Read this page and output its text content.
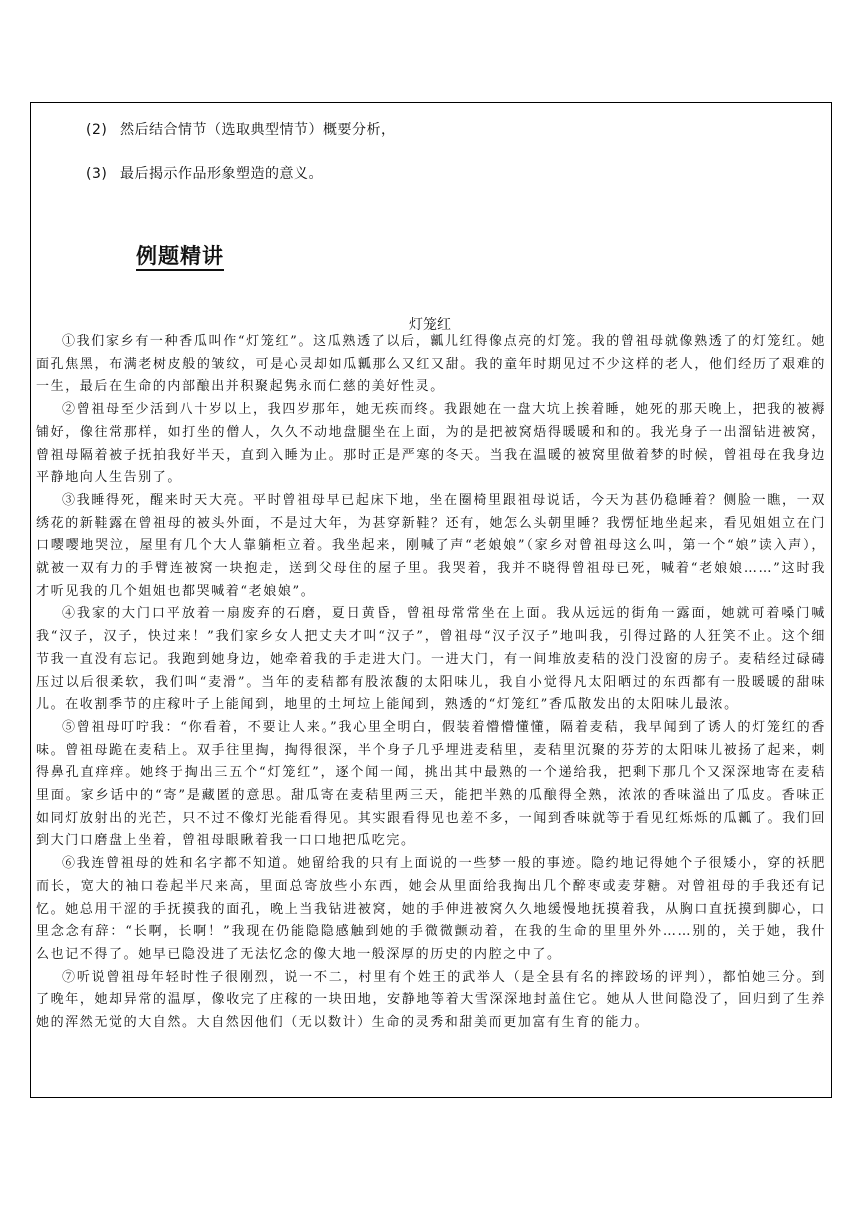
(2) 然后结合情节（选取典型情节）概要分析，
(3) 最后揭示作品形象塑造的意义。
例题精讲
灯笼红

①我们家乡有一种香瓜叫作“灯笼红”。这瓜熟透了以后，瓤儿红得像点亮的灯笼。我的曾祖母就像熟透了的灯笼红。她面孔焦黑，布满老树皮般的皱纹，可是心灵却如瓜瓤那么又红又甜。我的童年时期见过不少这样的老人，他们经历了艰难的一生，最后在生命的内部酿出并积聚起隽永而仁慈的美好性灵。

②曾祖母至少活到八十岁以上，我四岁那年，她无疾而终。我跟她在一盘大坑上挨着睡，她死的那天晚上，把我的被褥铺好，像往常那样，如打坐的僧人，久久不动地盘腿坐在上面，为的是把被窝焐得暖暖和和的。我光身子一出溜钻进被窝，曾祖母隔着被子抚拍我好半天，直到入睡为止。那时正是严寒的冬天。当我在温暖的被窝里做着梦的时候，曾祖母在我身边平静地向人生告别了。

③我睡得死，醒来时天大亮。平时曾祖母早已起床下地，坐在圈椅里跟祖母说话，今天为甚仍稳睡着？侧脸一瞧，一双绣花的新鞋露在曾祖母的被头外面，不是过大年，为甚穿新鞋？还有，她怎么头朝里睡？我愣怔地坐起来，看见姐姐立在门口嘤嘤地哭泣，屋里有几个大人靠躺柜立着。我坐起来，刚喊了声“老娘娘”（家乡对曾祖母这么叫，第一个“娘”读入声），就被一双有力的手臂连被窝一块抱走，送到父母住的屋子里。我哭着，我并不晓得曾祖母已死，喊着“老娘娘……”这时我才听见我的几个姐姐也都哭喊着“老娘娘”。

④我家的大门口平放着一扇废弃的石磨，夏日黄昏，曾祖母常常坐在上面。我从远远的街角一露面，她就可着嗓门喊我“汉子，汉子，快过来！”我们家乡女人把丈夫才叫“汉子”，曾祖母“汉子汉子”地叫我，引得过路的人狂笑不止。这个细节我一直没有忘记。我跑到她身边，她牵着我的手走进大门。一进大门，有一间堆放麦秸的没门没窗的房子。麦秸经过碌碡压过以后很柔软，我们叫“麦滑”。当年的麦秸都有股浓馥的太阳味儿，我自小觉得凡太阳晒过的东西都有一股暖暖的甜味儿。在收割季节的庄稼叶子上能闻到，地里的土坷垃上能闻到，熟透的“灯笼红”香瓜散发出的太阳味儿最浓。

⑤曾祖母叮咛我：“你看着，不要让人来。”我心里全明白，假装着懵懵懂懂，隔着麦秸，我早闻到了诱人的灯笼红的香味。曾祖母跪在麦秸上。双手往里掏，掏得很深，半个身子几乎埋进麦秸里，麦秸里沉聚的芬芳的太阳味儿被扬了起来，刺得鼻孔直痒痒。她终于掏出三五个“灯笼红”，逐个闻一闻，挑出其中最熟的一个递给我，把剩下那几个又深深地寄在麦秸里面。家乡话中的“寄”是藏匿的意思。甜瓜寄在麦秸里两三天，能把半熟的瓜酿得全熟，浓浓的香味溢出了瓜皮。香味正如同灯放射出的光芒，只不过不像灯光能看得见。其实跟看得见也差不多，一闻到香味就等于看见红烁烁的瓜瓤了。我们回到大门口磨盘上坐着，曾祖母眼瞅着我一口口地把瓜吃完。

⑥我连曾祖母的姓和名字都不知道。她留给我的只有上面说的一些梦一般的事迹。隐约地记得她个子很矮小，穿的袄肥而长，宽大的袖口卷起半尺来高，里面总寄放些小东西，她会从里面给我掏出几个醉枣或麦芽糖。对曾祖母的手我还有记忆。她总用干涩的手抚摸我的面孔，晚上当我钻进被窝，她的手伸进被窝久久地缓慢地抚摸着我，从胸口直抚摸到脚心，口里念念有辞：“长啊，长啊！”我现在仍能隐隐感触到她的手微微颤动着，在我的生命的里里外外……别的，关于她，我什么也记不得了。她早已隐没进了无法忆念的像大地一般深厚的历史的内腔之中了。

⑦听说曾祖母年轻时性子很刚烈，说一不二，村里有个姓王的武举人（是全县有名的摔跤场的评判），都怕她三分。到了晚年，她却异常的温厚，像收完了庄稼的一块田地，安静地等着大雪深深地封盖住它。她从人世间隐没了，回归到了生养她的浑然无觉的大自然。大自然因他们（无以数计）生命的灵秀和甜美而更加富有生育的能力。
